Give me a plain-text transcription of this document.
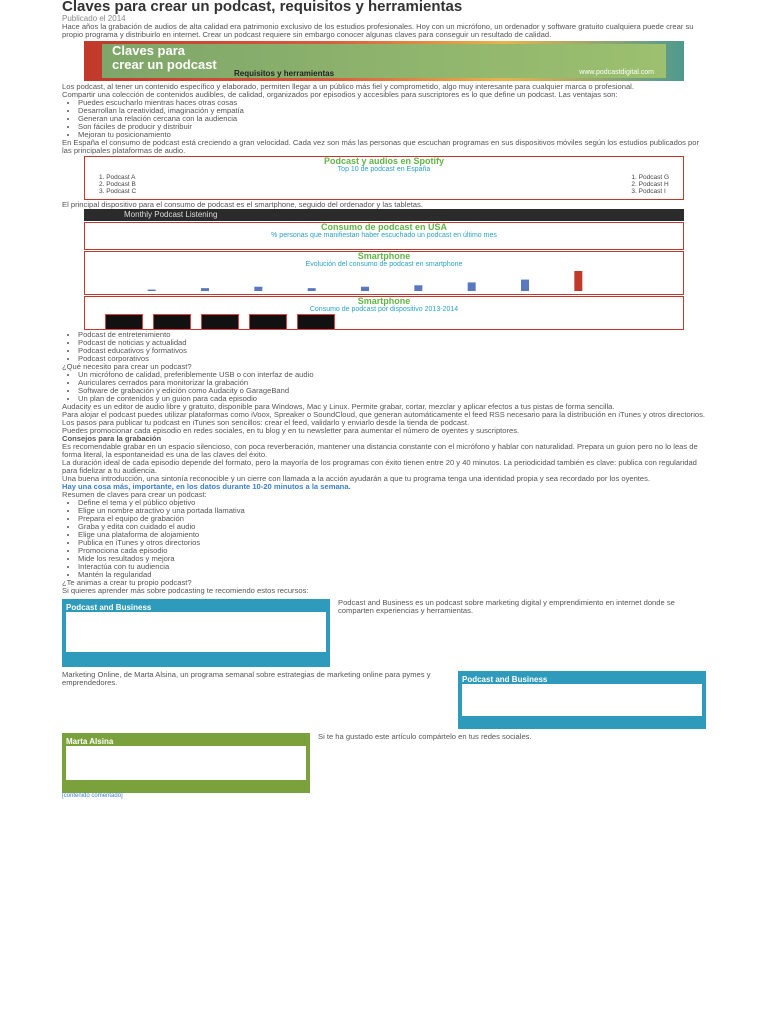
Claves para crear un podcast, requisitos y herramientas
Publicado el 2014

Hace años la grabación de audios de alta calidad era patrimonio exclusivo de los estudios profesionales. Hoy con un micrófono, un ordenador y software gratuito cualquiera puede crear su propio programa y distribuirlo en internet. Crear un podcast requiere sin embargo conocer algunas claves para conseguir un resultado de calidad.

Claves para
crear un podcast
Requisitos y herramientas	www.podcastdigital.com

Los podcast, al tener un contenido específico y elaborado, permiten llegar a un público más fiel y comprometido, algo muy interesante para cualquier marca o profesional.

Compartir una colección de contenidos audibles, de calidad, organizados por episodios y accesibles para suscriptores es lo que define un podcast. Las ventajas son:

• Puedes escucharlo mientras haces otras cosas
• Desarrollan la creatividad, imaginación y empatía
• Generan una relación cercana con la audiencia
• Son fáciles de producir y distribuir
• Mejoran tu posicionamiento

En España el consumo de podcast está creciendo a gran velocidad. Cada vez son más las personas que escuchan programas en sus dispositivos móviles según los estudios publicados por las principales plataformas de audio.

Podcast y audios en Spotify
Top 10 de podcast en España
1. Podcast A
2. Podcast B
3. Podcast C
1. Podcast G
2. Podcast H
3. Podcast I

El principal dispositivo para el consumo de podcast es el smartphone, seguido del ordenador y las tabletas.

Monthly Podcast Listening
Consumo de podcast en USA
% personas que manifiestan haber escuchado un podcast en último mes
Smartphone
Evolución del consumo de podcast en smartphone
Smartphone
Consumo de podcast por dispositivo 2013-2014
• Podcast de entretenimiento
• Podcast de noticias y actualidad
• Podcast educativos y formativos
• Podcast corporativos

¿Qué necesito para crear un podcast?

• Un micrófono de calidad, preferiblemente USB o con interfaz de audio
• Auriculares cerrados para monitorizar la grabación
• Software de grabación y edición como Audacity o GarageBand
• Un plan de contenidos y un guion para cada episodio

Audacity es un editor de audio libre y gratuito, disponible para Windows, Mac y Linux. Permite grabar, cortar, mezclar y aplicar efectos a tus pistas de forma sencilla.

Para alojar el podcast puedes utilizar plataformas como iVoox, Spreaker o SoundCloud, que generan automáticamente el feed RSS necesario para la distribución en iTunes y otros directorios.

Los pasos para publicar tu podcast en iTunes son sencillos: crear el feed, validarlo y enviarlo desde la tienda de podcast.

Puedes promocionar cada episodio en redes sociales, en tu blog y en tu newsletter para aumentar el número de oyentes y suscriptores.

Consejos para la grabación

Es recomendable grabar en un espacio silencioso, con poca reverberación, mantener una distancia constante con el micrófono y hablar con naturalidad. Prepara un guion pero no lo leas de forma literal, la espontaneidad es una de las claves del éxito.

La duración ideal de cada episodio depende del formato, pero la mayoría de los programas con éxito tienen entre 20 y 40 minutos. La periodicidad también es clave: publica con regularidad para fidelizar a tu audiencia.

Una buena introducción, una sintonía reconocible y un cierre con llamada a la acción ayudarán a que tu programa tenga una identidad propia y sea recordado por los oyentes.

Hay una cosa más, importante, en los datos durante 10-20 minutos a la semana.

Resumen de claves para crear un podcast:

• Define el tema y el público objetivo
• Elige un nombre atractivo y una portada llamativa
• Prepara el equipo de grabación
• Graba y edita con cuidado el audio
• Elige una plataforma de alojamiento
• Publica en iTunes y otros directorios
• Promociona cada episodio
• Mide los resultados y mejora
• Interactúa con tu audiencia
• Mantén la regularidad

¿Te animas a crear tu propio podcast?

Si quieres aprender más sobre podcasting te recomiendo estos recursos:

Podcast and Business

Podcast and Business es un podcast sobre marketing digital y emprendimiento en internet donde se comparten experiencias y herramientas.

Marketing Online, de Marta Alsina, un programa semanal sobre estrategias de marketing online para pymes y emprendedores.	Podcast and Business
Marta Alsina

Si te ha gustado este artículo compártelo en tus redes sociales.

[contenido comentado]
